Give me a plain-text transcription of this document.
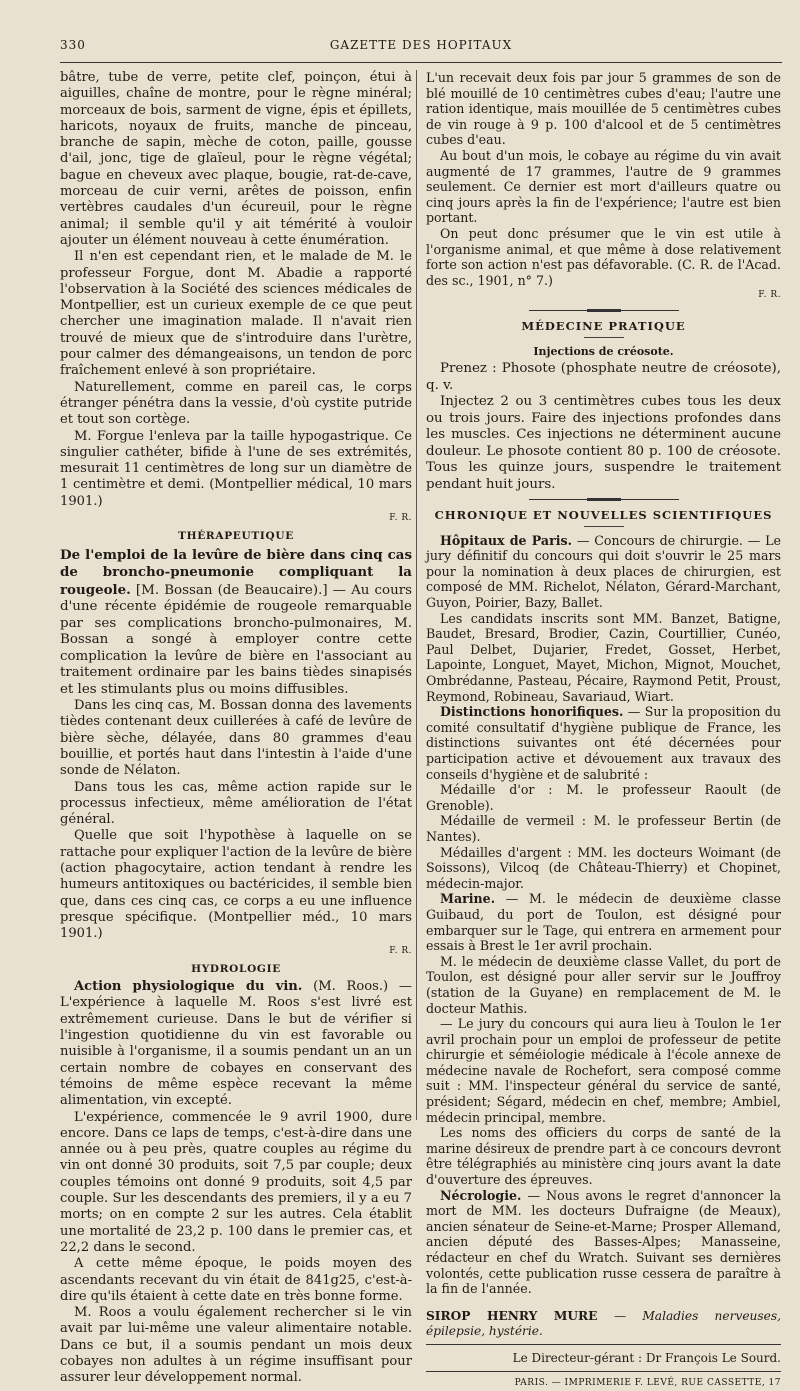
330	GAZETTE DES HOPITAUX

bâtre, tube de verre, petite clef, poinçon, étui à aiguilles, chaîne de montre, pour le règne minéral; morceaux de bois, sarment de vigne, épis et épillets, haricots, noyaux de fruits, manche de pinceau, branche de sapin, mèche de coton, paille, gousse d'ail, jonc, tige de glaïeul, pour le règne végétal; bague en cheveux avec plaque, bougie, rat-de-cave, morceau de cuir verni, arêtes de poisson, enfin vertèbres caudales d'un écureuil, pour le règne animal; il semble qu'il y ait témérité à vouloir ajouter un élément nouveau à cette énumération.

Il n'en est cependant rien, et le malade de M. le professeur Forgue, dont M. Abadie a rapporté l'observation à la Société des sciences médicales de Montpellier, est un curieux exemple de ce que peut chercher une imagination malade. Il n'avait rien trouvé de mieux que de s'introduire dans l'urètre, pour calmer des démangeaisons, un tendon de porc fraîchement enlevé à son propriétaire.

Naturellement, comme en pareil cas, le corps étranger pénétra dans la vessie, d'où cystite putride et tout son cortège.

M. Forgue l'enleva par la taille hypogastrique. Ce singulier cathéter, bifide à l'une de ses extrémités, mesurait 11 centimètres de long sur un diamètre de 1 centimètre et demi. (Montpellier médical, 10 mars 1901.)

F. R.
THÉRAPEUTIQUE

De l'emploi de la levûre de bière dans cinq cas de broncho-pneumonie compliquant la rougeole. [M. Bossan (de Beaucaire).] — Au cours d'une récente épidémie de rougeole remarquable par ses complications broncho-pulmonaires, M. Bossan a songé à employer contre cette complication la levûre de bière en l'associant au traitement ordinaire par les bains tièdes sinapisés et les stimulants plus ou moins diffusibles.

Dans les cinq cas, M. Bossan donna des lavements tièdes contenant deux cuillerées à café de levûre de bière sèche, délayée, dans 80 grammes d'eau bouillie, et portés haut dans l'intestin à l'aide d'une sonde de Nélaton.

Dans tous les cas, même action rapide sur le processus infectieux, même amélioration de l'état général.

Quelle que soit l'hypothèse à laquelle on se rattache pour expliquer l'action de la levûre de bière (action phagocytaire, action tendant à rendre les humeurs antitoxiques ou bactéricides, il semble bien que, dans ces cinq cas, ce corps a eu une influence presque spécifique. (Montpellier méd., 10 mars 1901.)

F. R.
HYDROLOGIE

Action physiologique du vin. (M. Roos.) — L'expérience à laquelle M. Roos s'est livré est extrêmement curieuse. Dans le but de vérifier si l'ingestion quotidienne du vin est favorable ou nuisible à l'organisme, il a soumis pendant un an un certain nombre de cobayes en conservant des témoins de même espèce recevant la même alimentation, vin excepté.

L'expérience, commencée le 9 avril 1900, dure encore. Dans ce laps de temps, c'est-à-dire dans une année ou à peu près, quatre couples au régime du vin ont donné 30 produits, soit 7,5 par couple; deux couples témoins ont donné 9 produits, soit 4,5 par couple. Sur les descendants des premiers, il y a eu 7 morts; on en compte 2 sur les autres. Cela établit une mortalité de 23,2 p. 100 dans le premier cas, et 22,2 dans le second.

A cette même époque, le poids moyen des ascendants recevant du vin était de 841g25, c'est-à-dire qu'ils étaient à cette date en très bonne forme.

M. Roos a voulu également rechercher si le vin avait par lui-même une valeur alimentaire notable. Dans ce but, il a soumis pendant un mois deux cobayes non adultes à un régime insuffisant pour assurer leur développement normal.

L'un recevait deux fois par jour 5 grammes de son de blé mouillé de 10 centimètres cubes d'eau; l'autre une ration identique, mais mouillée de 5 centimètres cubes de vin rouge à 9 p. 100 d'alcool et de 5 centimètres cubes d'eau.

Au bout d'un mois, le cobaye au régime du vin avait augmenté de 17 grammes, l'autre de 9 grammes seulement. Ce dernier est mort d'ailleurs quatre ou cinq jours après la fin de l'expérience; l'autre est bien portant.

On peut donc présumer que le vin est utile à l'organisme animal, et que même à dose relativement forte son action n'est pas défavorable. (C. R. de l'Acad. des sc., 1901, n° 7.)

F. R.
MÉDECINE PRATIQUE
Injections de créosote.

Prenez : Phosote (phosphate neutre de créosote), q. v.

Injectez 2 ou 3 centimètres cubes tous les deux ou trois jours. Faire des injections profondes dans les muscles. Ces injections ne déterminent aucune douleur. Le phosote contient 80 p. 100 de créosote. Tous les quinze jours, suspendre le traitement pendant huit jours.

CHRONIQUE ET NOUVELLES SCIENTIFIQUES

Hôpitaux de Paris. — Concours de chirurgie. — Le jury définitif du concours qui doit s'ouvrir le 25 mars pour la nomination à deux places de chirurgien, est composé de MM. Richelot, Nélaton, Gérard-Marchant, Guyon, Poirier, Bazy, Ballet.

Les candidats inscrits sont MM. Banzet, Batigne, Baudet, Bresard, Brodier, Cazin, Courtillier, Cunéo, Paul Delbet, Dujarier, Fredet, Gosset, Herbet, Lapointe, Longuet, Mayet, Michon, Mignot, Mouchet, Ombrédanne, Pasteau, Pécaire, Raymond Petit, Proust, Reymond, Robineau, Savariaud, Wiart.

Distinctions honorifiques. — Sur la proposition du comité consultatif d'hygiène publique de France, les distinctions suivantes ont été décernées pour participation active et dévouement aux travaux des conseils d'hygiène et de salubrité :

Médaille d'or : M. le professeur Raoult (de Grenoble).

Médaille de vermeil : M. le professeur Bertin (de Nantes).

Médailles d'argent : MM. les docteurs Woimant (de Soissons), Vilcoq (de Château-Thierry) et Chopinet, médecin-major.

Marine. — M. le médecin de deuxième classe Guibaud, du port de Toulon, est désigné pour embarquer sur le Tage, qui entrera en armement pour essais à Brest le 1er avril prochain.

M. le médecin de deuxième classe Vallet, du port de Toulon, est désigné pour aller servir sur le Jouffroy (station de la Guyane) en remplacement de M. le docteur Mathis.

— Le jury du concours qui aura lieu à Toulon le 1er avril prochain pour un emploi de professeur de petite chirurgie et séméiologie médicale à l'école annexe de médecine navale de Rochefort, sera composé comme suit : MM. l'inspecteur général du service de santé, président; Ségard, médecin en chef, membre; Ambiel, médecin principal, membre.

Les noms des officiers du corps de santé de la marine désireux de prendre part à ce concours devront être télégraphiés au ministère cinq jours avant la date d'ouverture des épreuves.

Nécrologie. — Nous avons le regret d'annoncer la mort de MM. les docteurs Dufraigne (de Meaux), ancien sénateur de Seine-et-Marne; Prosper Allemand, ancien député des Basses-Alpes; Manasseine, rédacteur en chef du Wratch. Suivant ses dernières volontés, cette publication russe cessera de paraître à la fin de l'année.

SIROP HENRY MURE — Maladies nerveuses, épilepsie, hystérie.
Le Directeur-gérant : Dr François Le Sourd.
PARIS. — IMPRIMERIE F. LEVÉ, RUE CASSETTE, 17
